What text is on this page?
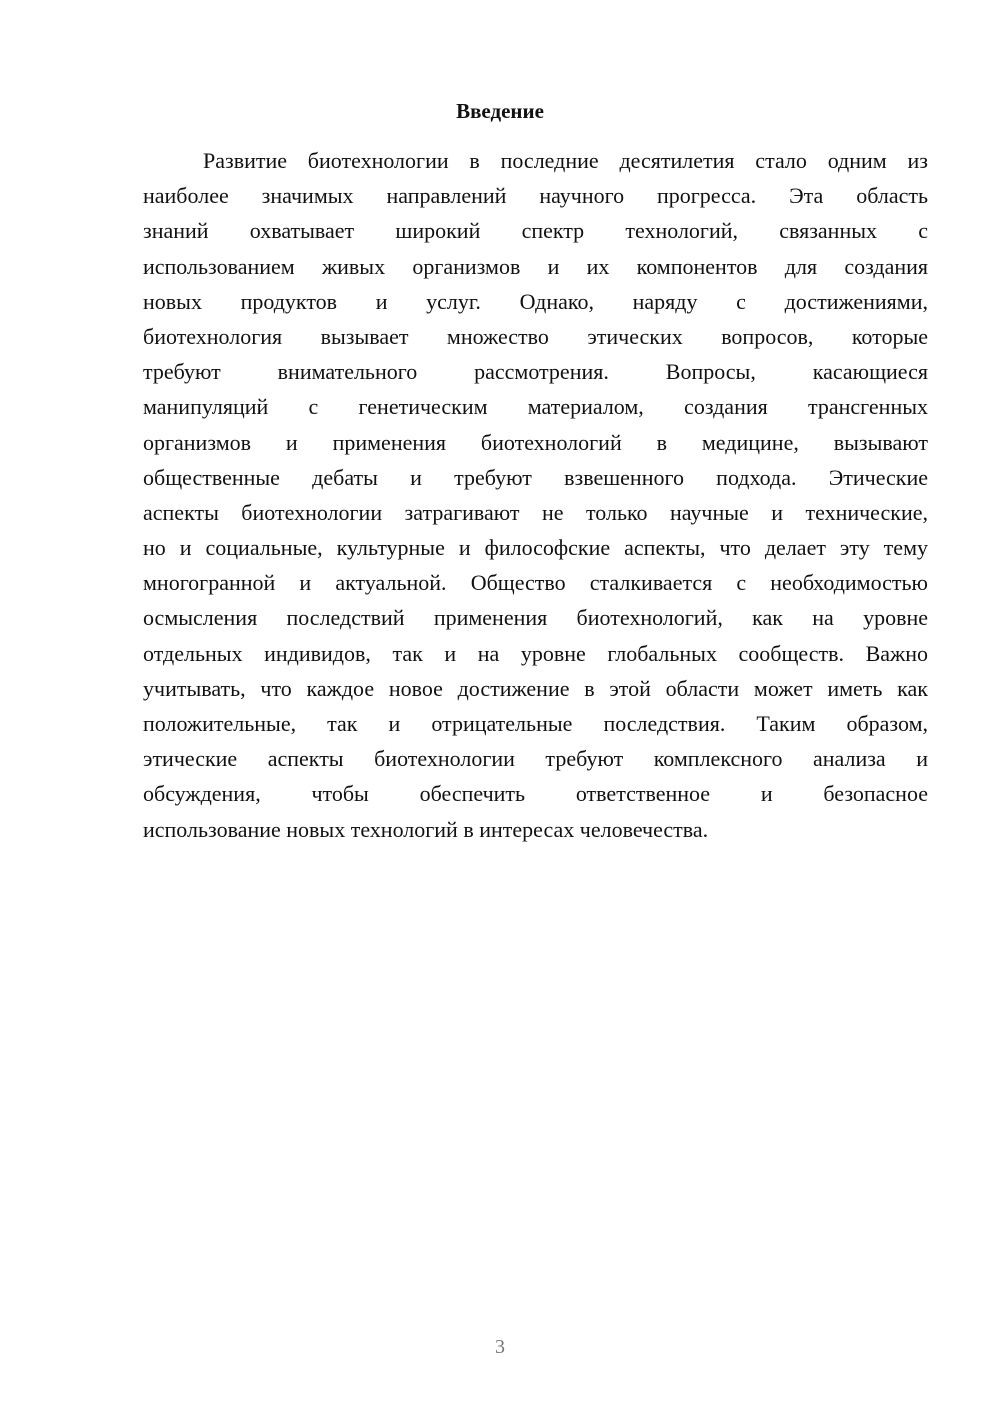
Введение
Развитие биотехнологии в последние десятилетия стало одним из
наиболее значимых направлений научного прогресса. Эта область
знаний охватывает широкий спектр технологий, связанных с
использованием живых организмов и их компонентов для создания
новых продуктов и услуг. Однако, наряду с достижениями,
биотехнология вызывает множество этических вопросов, которые
требуют внимательного рассмотрения. Вопросы, касающиеся
манипуляций с генетическим материалом, создания трансгенных
организмов и применения биотехнологий в медицине, вызывают
общественные дебаты и требуют взвешенного подхода. Этические
аспекты биотехнологии затрагивают не только научные и технические,
но и социальные, культурные и философские аспекты, что делает эту тему
многогранной и актуальной. Общество сталкивается с необходимостью
осмысления последствий применения биотехнологий, как на уровне
отдельных индивидов, так и на уровне глобальных сообществ. Важно
учитывать, что каждое новое достижение в этой области может иметь как
положительные, так и отрицательные последствия. Таким образом,
этические аспекты биотехнологии требуют комплексного анализа и
обсуждения, чтобы обеспечить ответственное и безопасное
использование новых технологий в интересах человечества.
3
